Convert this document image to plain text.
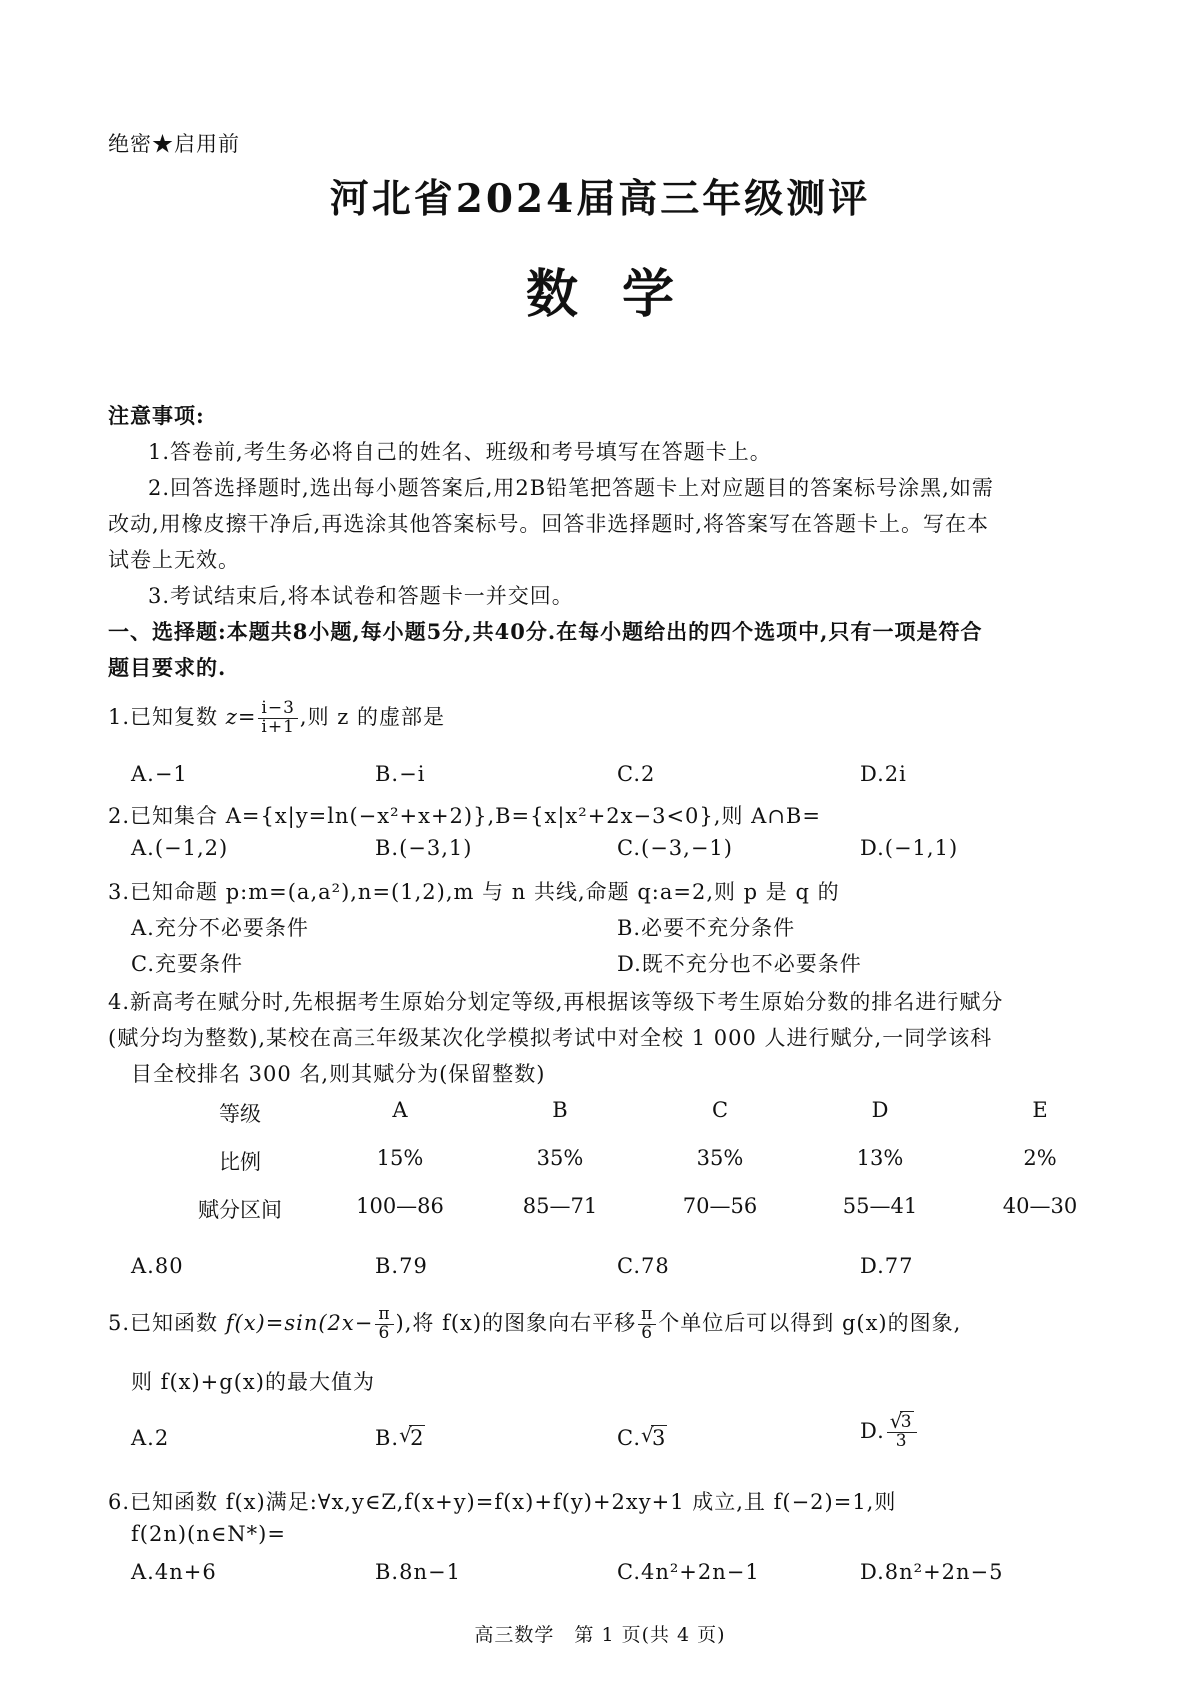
绝密★启用前
河北省2024届高三年级测评
数学
注意事项:
1.答卷前,考生务必将自己的姓名、班级和考号填写在答题卡上。
2.回答选择题时,选出每小题答案后,用2B铅笔把答题卡上对应题目的答案标号涂黑,如需
改动,用橡皮擦干净后,再选涂其他答案标号。回答非选择题时,将答案写在答题卡上。写在本
试卷上无效。
3.考试结束后,将本试卷和答题卡一并交回。
一、选择题:本题共8小题,每小题5分,共40分.在每小题给出的四个选项中,只有一项是符合
题目要求的.
1.已知复数 $z= \frac{i-3}{i+1}$ ,则 z 的虚部是
A.−1	B.−i	C.2	D.2i
2.已知集合 A={x|y=ln(−x²+x+2)},B={x|x²+2x−3<0},则 A∩B=
A.(−1,2)	B.(−3,1)	C.(−3,−1)	D.(−1,1)
3.已知命题 p:m=(a,a²),n=(1,2),m 与 n 共线,命题 q:a=2,则 p 是 q 的
A.充分不必要条件	B.必要不充分条件
C.充要条件	D.既不充分也不必要条件
4.新高考在赋分时,先根据考生原始分划定等级,再根据该等级下考生原始分数的排名进行赋分
(赋分均为整数),某校在高三年级某次化学模拟考试中对全校 1 000 人进行赋分,一同学该科
目全校排名 300 名,则其赋分为(保留整数)
等级	A	B	C	D	E
比例	15%	35%	35%	13%	2%
赋分区间	100—86	85—71	70—56	55—41	40—30
A.80	B.79	C.78	D.77
5.已知函数 $f(x)=\sin(2x- \frac{\pi}{6}$ ),将 f(x)的图象向右平移 $\frac{\pi}{6}$ 个单位后可以得到 g(x)的图象,
则 f(x)+g(x)的最大值为
A.2	B. √
2	C. √
3	D. √
3
3
6.已知函数 f(x)满足:∀x,y∈Z,f(x+y)=f(x)+f(y)+2xy+1 成立,且 f(−2)=1,则
f(2n)(n∈N*)=
A.4n+6	B.8n−1	C.4n²+2n−1	D.8n²+2n−5
高三数学　第 1 页(共 4 页)
